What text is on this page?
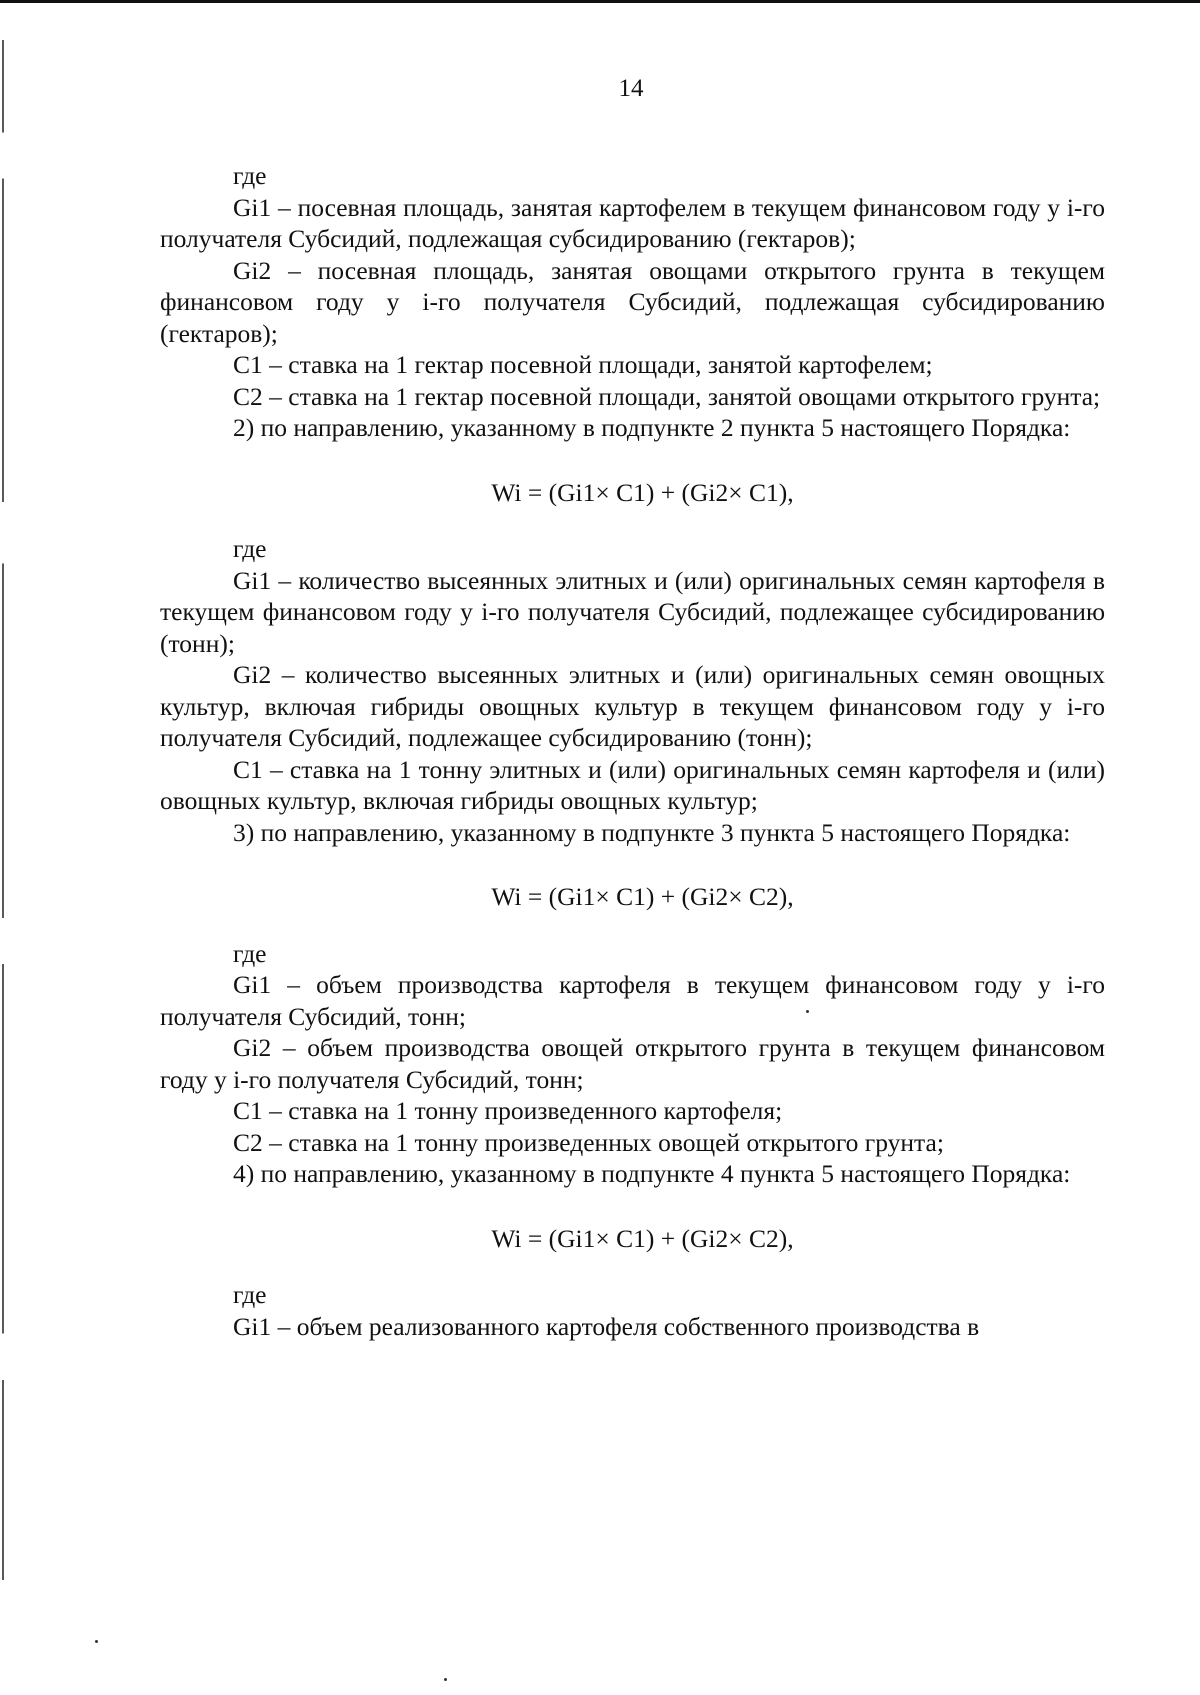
14

где

Gi1 – посевная площадь, занятая картофелем в текущем финансовом году у i-го получателя Субсидий, подлежащая субсидированию (гектаров);

Gi2 – посевная площадь, занятая овощами открытого грунта в текущем финансовом году у i-го получателя Субсидий, подлежащая субсидированию (гектаров);

C1 – ставка на 1 гектар посевной площади, занятой картофелем;

C2 – ставка на 1 гектар посевной площади, занятой овощами открытого грунта;

2) по направлению, указанному в подпункте 2 пункта 5 настоящего Порядка:

Wi = (Gi1× C1) + (Gi2× C1),

где

Gi1 – количество высеянных элитных и (или) оригинальных семян картофеля в текущем финансовом году у i-го получателя Субсидий, подлежащее субсидированию (тонн);

Gi2 – количество высеянных элитных и (или) оригинальных семян овощных культур, включая гибриды овощных культур в текущем финансовом году у i-го получателя Субсидий, подлежащее субсидированию (тонн);

C1 – ставка на 1 тонну элитных и (или) оригинальных семян картофеля и (или) овощных культур, включая гибриды овощных культур;

3) по направлению, указанному в подпункте 3 пункта 5 настоящего Порядка:

Wi = (Gi1× C1) + (Gi2× C2),

где

Gi1 – объем производства картофеля в текущем финансовом году у i-го получателя Субсидий, тонн;

Gi2 – объем производства овощей открытого грунта в текущем финансовом году у i-го получателя Субсидий, тонн;

C1 – ставка на 1 тонну произведенного картофеля;

C2 – ставка на 1 тонну произведенных овощей открытого грунта;

4) по направлению, указанному в подпункте 4 пункта 5 настоящего Порядка:

Wi = (Gi1× C1) + (Gi2× C2),

где

Gi1 – объем реализованного картофеля собственного производства в
